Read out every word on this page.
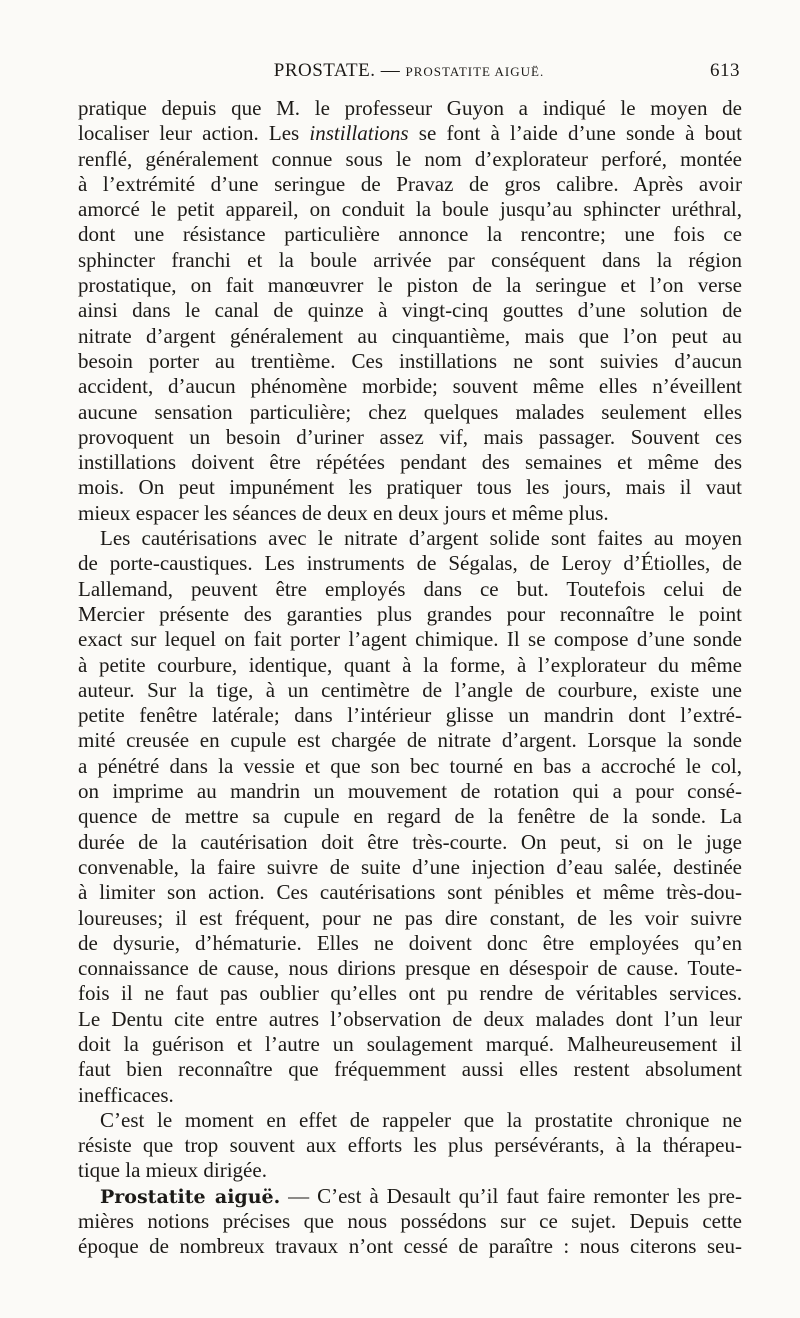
PROSTATE. — PROSTATITE AIGUË.	613
pratique depuis que M. le professeur Guyon a indiqué le moyen de
localiser leur action. Les instillations se font à l’aide d’une sonde à bout
renflé, généralement connue sous le nom d’explorateur perforé, montée
à l’extrémité d’une seringue de Pravaz de gros calibre. Après avoir
amorcé le petit appareil, on conduit la boule jusqu’au sphincter uréthral,
dont une résistance particulière annonce la rencontre; une fois ce
sphincter franchi et la boule arrivée par conséquent dans la région
prostatique, on fait manœuvrer le piston de la seringue et l’on verse
ainsi dans le canal de quinze à vingt-cinq gouttes d’une solution de
nitrate d’argent généralement au cinquantième, mais que l’on peut au
besoin porter au trentième. Ces instillations ne sont suivies d’aucun
accident, d’aucun phénomène morbide; souvent même elles n’éveillent
aucune sensation particulière; chez quelques malades seulement elles
provoquent un besoin d’uriner assez vif, mais passager. Souvent ces
instillations doivent être répétées pendant des semaines et même des
mois. On peut impunément les pratiquer tous les jours, mais il vaut
mieux espacer les séances de deux en deux jours et même plus.
Les cautérisations avec le nitrate d’argent solide sont faites au moyen
de porte-caustiques. Les instruments de Ségalas, de Leroy d’Étiolles, de
Lallemand, peuvent être employés dans ce but. Toutefois celui de
Mercier présente des garanties plus grandes pour reconnaître le point
exact sur lequel on fait porter l’agent chimique. Il se compose d’une sonde
à petite courbure, identique, quant à la forme, à l’explorateur du même
auteur. Sur la tige, à un centimètre de l’angle de courbure, existe une
petite fenêtre latérale; dans l’intérieur glisse un mandrin dont l’extré-
mité creusée en cupule est chargée de nitrate d’argent. Lorsque la sonde
a pénétré dans la vessie et que son bec tourné en bas a accroché le col,
on imprime au mandrin un mouvement de rotation qui a pour consé-
quence de mettre sa cupule en regard de la fenêtre de la sonde. La
durée de la cautérisation doit être très-courte. On peut, si on le juge
convenable, la faire suivre de suite d’une injection d’eau salée, destinée
à limiter son action. Ces cautérisations sont pénibles et même très-dou-
loureuses; il est fréquent, pour ne pas dire constant, de les voir suivre
de dysurie, d’hématurie. Elles ne doivent donc être employées qu’en
connaissance de cause, nous dirions presque en désespoir de cause. Toute-
fois il ne faut pas oublier qu’elles ont pu rendre de véritables services.
Le Dentu cite entre autres l’observation de deux malades dont l’un leur
doit la guérison et l’autre un soulagement marqué. Malheureusement il
faut bien reconnaître que fréquemment aussi elles restent absolument
inefficaces.
C’est le moment en effet de rappeler que la prostatite chronique ne
résiste que trop souvent aux efforts les plus persévérants, à la thérapeu-
tique la mieux dirigée.
Prostatite aiguë. — C’est à Desault qu’il faut faire remonter les pre-
mières notions précises que nous possédons sur ce sujet. Depuis cette
époque de nombreux travaux n’ont cessé de paraître : nous citerons seu-
